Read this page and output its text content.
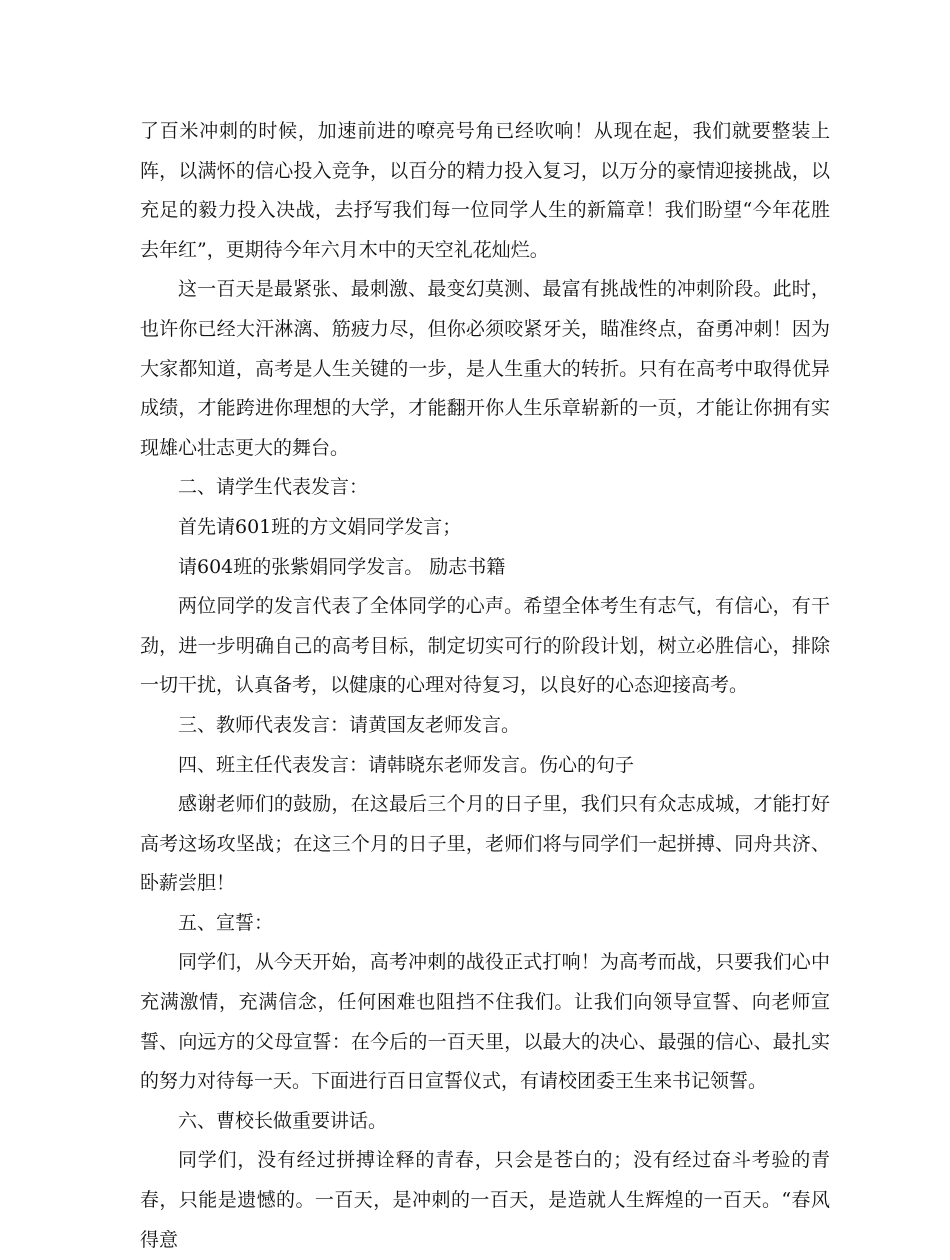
了百米冲刺的时候，加速前进的嘹亮号角已经吹响！从现在起，我们就要整装上阵，以满怀的信心投入竞争，以百分的精力投入复习，以万分的豪情迎接挑战，以充足的毅力投入决战，去抒写我们每一位同学人生的新篇章！我们盼望“今年花胜去年红”，更期待今年六月木中的天空礼花灿烂。

这一百天是最紧张、最刺激、最变幻莫测、最富有挑战性的冲刺阶段。此时，也许你已经大汗淋漓、筋疲力尽，但你必须咬紧牙关，瞄准终点，奋勇冲刺！因为大家都知道，高考是人生关键的一步，是人生重大的转折。只有在高考中取得优异成绩，才能跨进你理想的大学，才能翻开你人生乐章崭新的一页，才能让你拥有实现雄心壮志更大的舞台。

二、请学生代表发言：

首先请601班的方文娟同学发言；

请604班的张紫娟同学发言。 励志书籍

两位同学的发言代表了全体同学的心声。希望全体考生有志气，有信心，有干劲，进一步明确自己的高考目标，制定切实可行的阶段计划，树立必胜信心，排除一切干扰，认真备考，以健康的心理对待复习，以良好的心态迎接高考。

三、教师代表发言：请黄国友老师发言。

四、班主任代表发言：请韩晓东老师发言。伤心的句子

感谢老师们的鼓励，在这最后三个月的日子里，我们只有众志成城，才能打好高考这场攻坚战；在这三个月的日子里，老师们将与同学们一起拼搏、同舟共济、卧薪尝胆！

五、宣誓：

同学们，从今天开始，高考冲刺的战役正式打响！为高考而战，只要我们心中充满激情，充满信念，任何困难也阻挡不住我们。让我们向领导宣誓、向老师宣誓、向远方的父母宣誓：在今后的一百天里，以最大的决心、最强的信心、最扎实的努力对待每一天。下面进行百日宣誓仪式，有请校团委王生来书记领誓。

六、曹校长做重要讲话。

同学们，没有经过拼搏诠释的青春，只会是苍白的；没有经过奋斗考验的青春，只能是遗憾的。一百天，是冲刺的一百天，是造就人生辉煌的一百天。“春风得意
